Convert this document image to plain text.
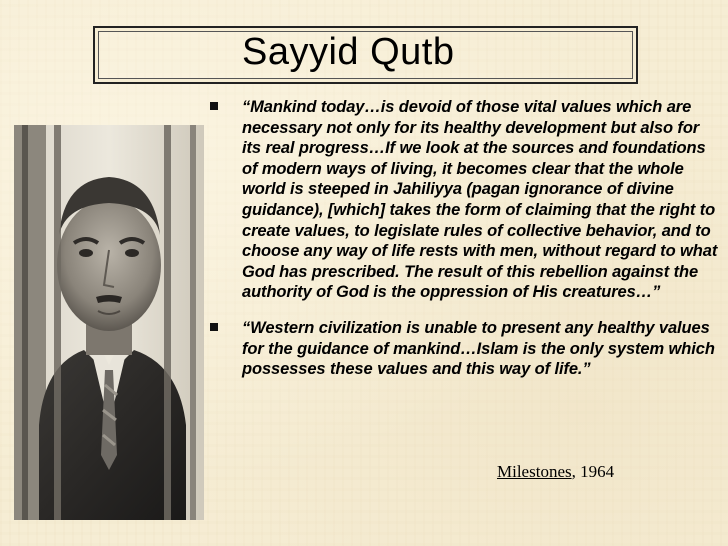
Sayyid Qutb
“Mankind today…is devoid of those vital values which are necessary not only for its healthy development but also for its real progress…If we look at the sources and foundations of modern ways of living, it becomes clear that the whole world is steeped in Jahiliyya (pagan ignorance of divine guidance), [which] takes the form of claiming that the right to create values, to legislate rules of collective behavior, and to choose any way of life rests with men, without regard to what God has prescribed. The result of this rebellion against the authority of God is the oppression of His creatures…”
“Western civilization is unable to present any healthy values for the guidance of mankind…Islam is the only system which possesses these values and this way of life.”

Milestones, 1964
